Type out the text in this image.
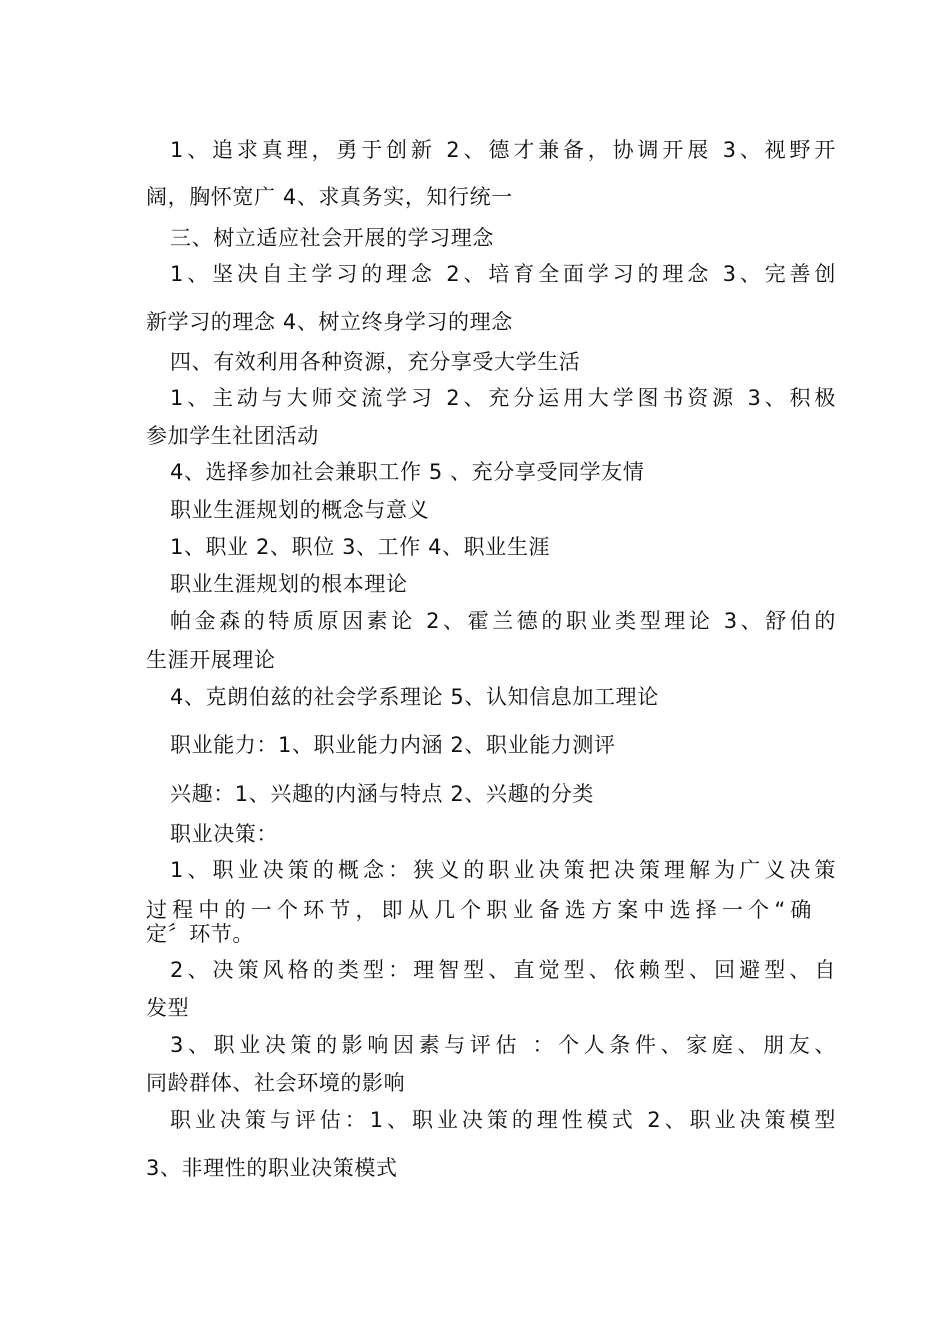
1、追求真理，勇于创新 2、德才兼备，协调开展 3、视野开
阔，胸怀宽广 4、求真务实，知行统一
三、树立适应社会开展的学习理念
1、坚决自主学习的理念 2、培育全面学习的理念 3、完善创
新学习的理念 4、树立终身学习的理念
四、有效利用各种资源，充分享受大学生活
1、主动与大师交流学习 2、充分运用大学图书资源 3、积极
参加学生社团活动
4、选择参加社会兼职工作 5 、充分享受同学友情
职业生涯规划的概念与意义
1、职业 2、职位 3、工作 4、职业生涯
职业生涯规划的根本理论
帕金森的特质原因素论 2、霍兰德的职业类型理论 3、舒伯的
生涯开展理论
4、克朗伯兹的社会学系理论 5、认知信息加工理论
职业能力：1、职业能力内涵 2、职业能力测评
兴趣：1、兴趣的内涵与特点 2、兴趣的分类
职业决策：
1、职业决策的概念：狭义的职业决策把决策理解为广义决策
过程中的一个环节，即从几个职业备选方案中选择一个“确
定〞环节。
2、决策风格的类型：理智型、直觉型、依赖型、回避型、自
发型
3、职业决策的影响因素与评估 ：个人条件、家庭、朋友、
同龄群体、社会环境的影响
职业决策与评估：1、职业决策的理性模式 2、职业决策模型
3、非理性的职业决策模式
